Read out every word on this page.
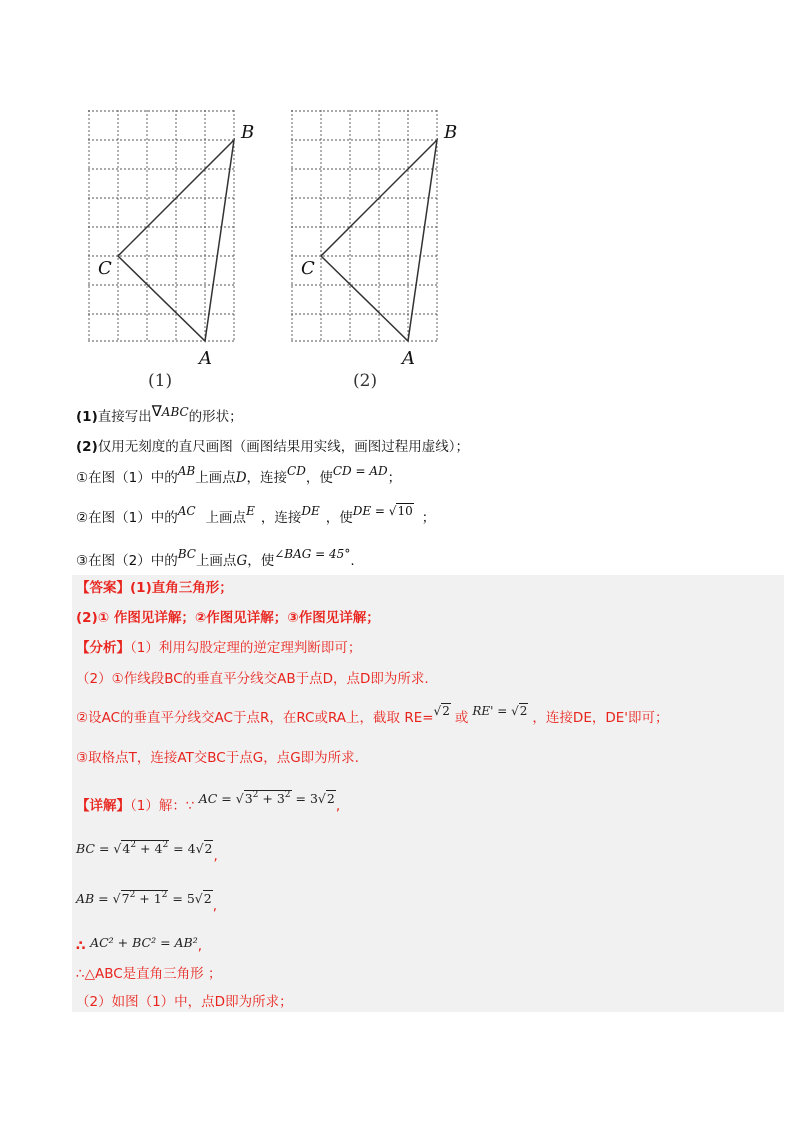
B
C
A
(1)
B
C
A
(2)
(1)直接写出∇ABC的形状；
(2)仅用无刻度的直尺画图（画图结果用实线，画图过程用虚线）；
①在图（1）中的AB上画点D，连接CD，使CD = AD；
②在图（1）中的AC 上画点E ，连接DE ，使DE = √10 ；
③在图（2）中的BC上画点G，使∠BAG = 45°.
【答案】(1)直角三角形；
(2)① 作图见详解；②作图见详解；③作图见详解；
【分析】（1）利用勾股定理的逆定理判断即可；
（2）①作线段BC的垂直平分线交AB于点D，点D即为所求.
②设AC的垂直平分线交AC于点R，在RC或RA上，截取 RE=√2 或 RE' = √2 ，连接DE，DE'即可；
③取格点T，连接AT交BC于点G，点G即为所求.
【详解】（1）解：∵ AC = $√3^2 + 3^2 = 3√2$,
BC = $√4^2 + 4^2 = 4√2$,
AB = $√7^2 + 1^2 = 5√2$,
∴ AC² + BC² = AB²,
∴△ABC是直角三角形 ；
（2）如图（1）中，点D即为所求；
